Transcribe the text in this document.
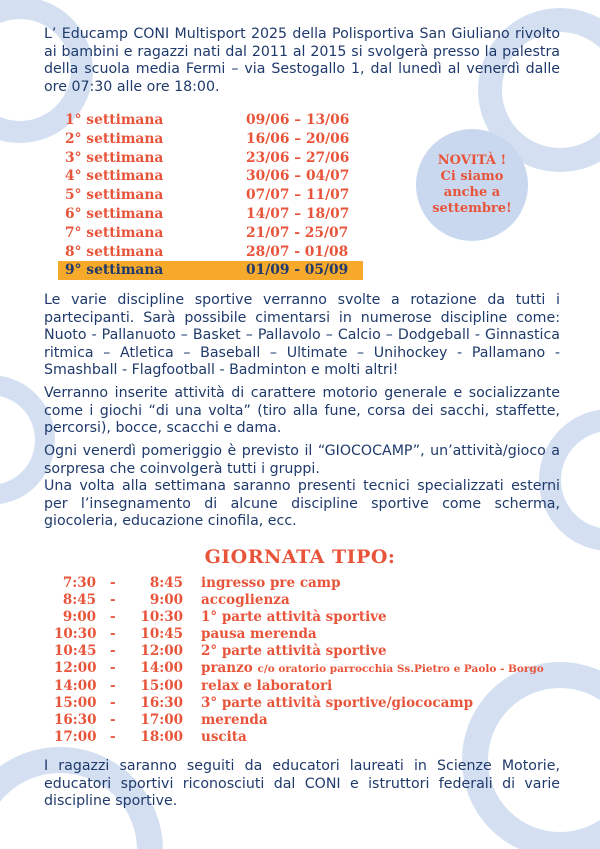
L’ Educamp CONI Multisport 2025 della Polisportiva San Giuliano rivolto ai bambini e ragazzi nati dal 2011 al 2015 si svolgerà presso la palestra della scuola media Fermi – via Sestogallo 1, dal lunedì al venerdì dalle ore 07:30 alle ore 18:00.
1° settimana	09/06 – 13/06
2° settimana	16/06 – 20/06
3° settimana	23/06 – 27/06
4° settimana	30/06 – 04/07
5° settimana	07/07 – 11/07
6° settimana	14/07 – 18/07
7° settimana	21/07 - 25/07
8° settimana	28/07 - 01/08
9° settimana	01/09 - 05/09
NOVITÀ !
Ci siamo
anche a
settembre!
Le varie discipline sportive verranno svolte a rotazione da tutti i partecipanti. Sarà possibile cimentarsi in numerose discipline come: Nuoto - Pallanuoto – Basket – Pallavolo – Calcio – Dodgeball - Ginnastica ritmica – Atletica – Baseball – Ultimate – Unihockey - Pallamano - Smashball - Flagfootball - Badminton e molti altri!
Verranno inserite attività di carattere motorio generale e socializzante come i giochi “di una volta” (tiro alla fune, corsa dei sacchi, staffette, percorsi), bocce, scacchi e dama.
Ogni venerdì pomeriggio è previsto il “GIOCOCAMP”, un’attività/gioco a sorpresa che coinvolgerà tutti i gruppi.
Una volta alla settimana saranno presenti tecnici specializzati esterni per l’insegnamento di alcune discipline sportive come scherma, giocoleria, educazione cinofila, ecc.
GIORNATA TIPO:
7:30 -	8:45 ingresso pre camp
8:45 -	9:00 accoglienza
9:00 - 10:30 1° parte attività sportive
10:30 - 10:45 pausa merenda
10:45 - 12:00 2° parte attività sportive
12:00 - 14:00 pranzo c/o oratorio parrocchia Ss.Pietro e Paolo - Borgo
14:00 - 15:00 relax e laboratori
15:00 - 16:30 3° parte attività sportive/giococamp
16:30 - 17:00 merenda
17:00 - 18:00 uscita
I ragazzi saranno seguiti da educatori laureati in Scienze Motorie, educatori sportivi riconosciuti dal CONI e istruttori federali di varie discipline sportive.
